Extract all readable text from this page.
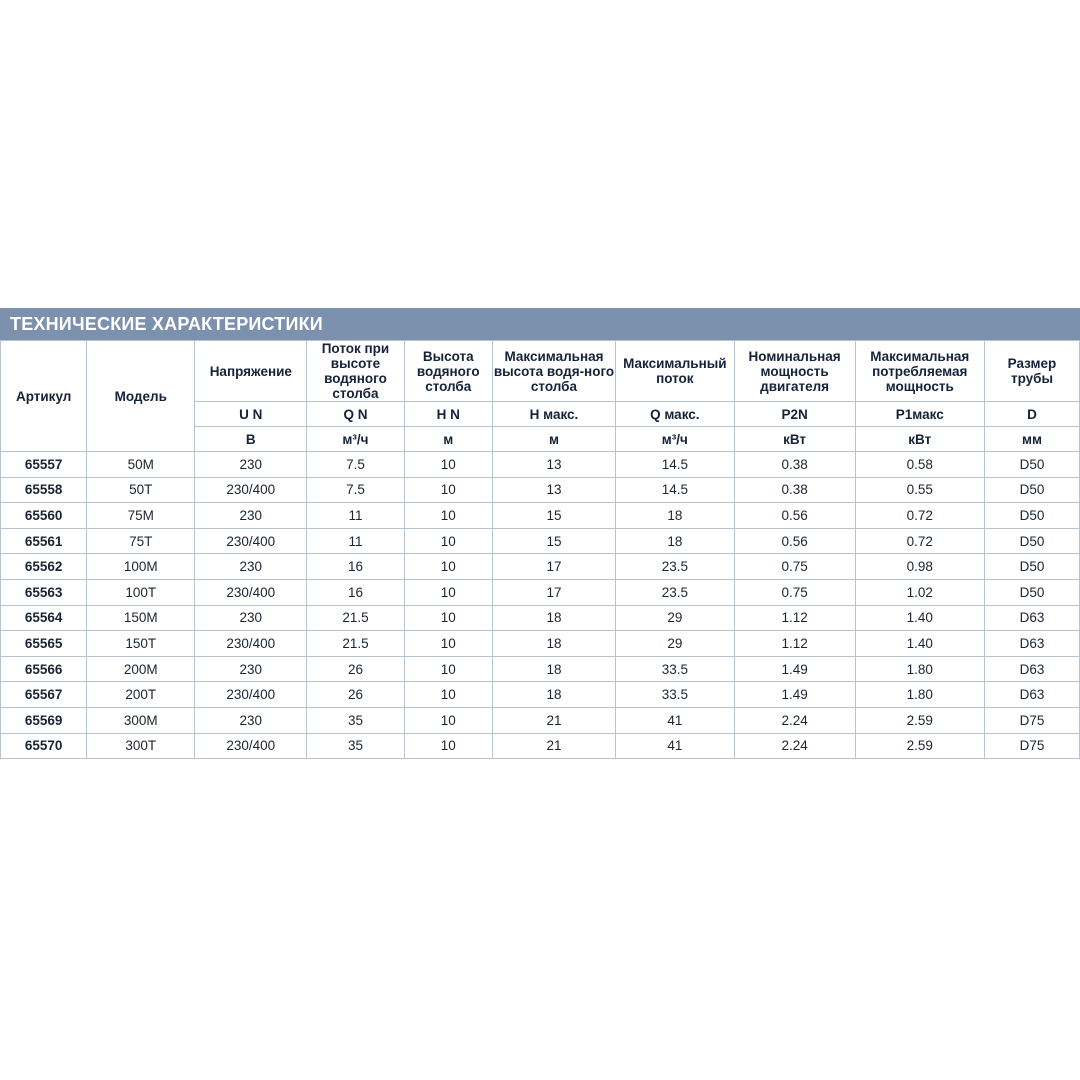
ТЕХНИЧЕСКИЕ ХАРАКТЕРИСТИКИ
Артикул	Модель	Напряжение	Поток при высоте водяного столба	Высота водяного столба	Максимальная высота водя-ного столба	Максимальный поток	Номинальная мощность двигателя	Максимальная потребляемая мощность	Размер трубы
		U N	Q N	H N	H макс.	Q макс.	P2N	P1макс	D
		В	м³/ч	м	м	м³/ч	кВт	кВт	мм
65557	50M	230	7.5	10	13	14.5	0.38	0.58	D50
65558	50T	230/400	7.5	10	13	14.5	0.38	0.55	D50
65560	75M	230	11	10	15	18	0.56	0.72	D50
65561	75T	230/400	11	10	15	18	0.56	0.72	D50
65562	100M	230	16	10	17	23.5	0.75	0.98	D50
65563	100T	230/400	16	10	17	23.5	0.75	1.02	D50
65564	150M	230	21.5	10	18	29	1.12	1.40	D63
65565	150T	230/400	21.5	10	18	29	1.12	1.40	D63
65566	200M	230	26	10	18	33.5	1.49	1.80	D63
65567	200T	230/400	26	10	18	33.5	1.49	1.80	D63
65569	300M	230	35	10	21	41	2.24	2.59	D75
65570	300T	230/400	35	10	21	41	2.24	2.59	D75
